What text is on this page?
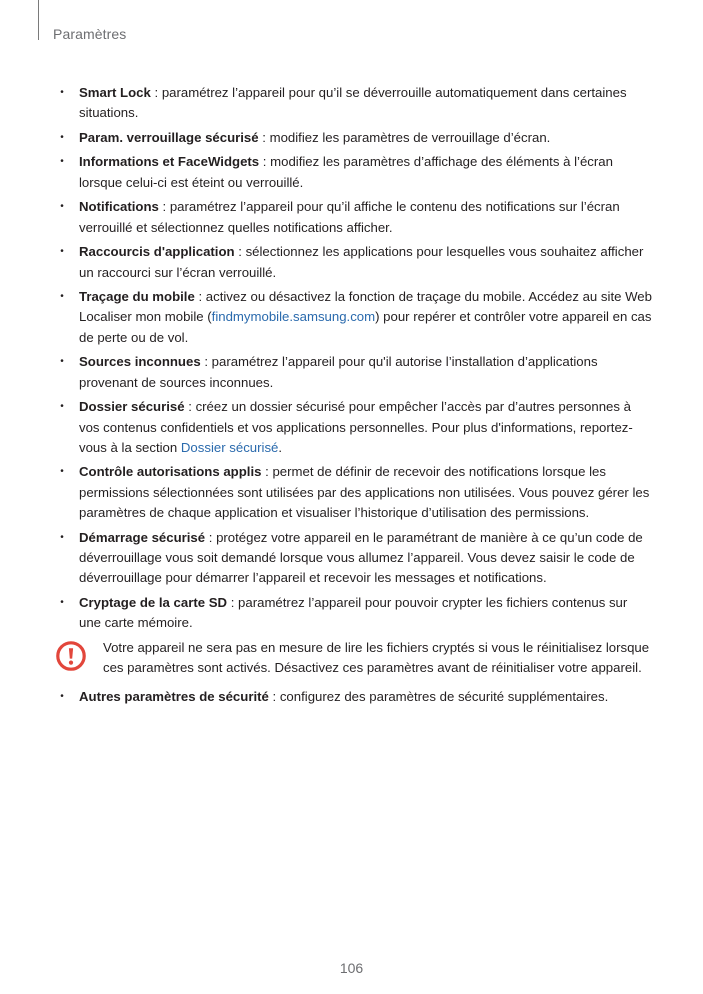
Paramètres
• Smart Lock : paramétrez l’appareil pour qu’il se déverrouille automatiquement dans certaines situations.
• Param. verrouillage sécurisé : modifiez les paramètres de verrouillage d’écran.
• Informations et FaceWidgets : modifiez les paramètres d’affichage des éléments à l’écran lorsque celui-ci est éteint ou verrouillé.
• Notifications : paramétrez l’appareil pour qu’il affiche le contenu des notifications sur l’écran verrouillé et sélectionnez quelles notifications afficher.
• Raccourcis d'application : sélectionnez les applications pour lesquelles vous souhaitez afficher un raccourci sur l’écran verrouillé.
• Traçage du mobile : activez ou désactivez la fonction de traçage du mobile. Accédez au site Web Localiser mon mobile (findmymobile.samsung.com) pour repérer et contrôler votre appareil en cas de perte ou de vol.
• Sources inconnues : paramétrez l’appareil pour qu'il autorise l’installation d’applications provenant de sources inconnues.
• Dossier sécurisé : créez un dossier sécurisé pour empêcher l’accès par d’autres personnes à vos contenus confidentiels et vos applications personnelles. Pour plus d'informations, reportez-vous à la section Dossier sécurisé.
• Contrôle autorisations applis : permet de définir de recevoir des notifications lorsque les permissions sélectionnées sont utilisées par des applications non utilisées. Vous pouvez gérer les paramètres de chaque application et visualiser l’historique d’utilisation des permissions.
• Démarrage sécurisé : protégez votre appareil en le paramétrant de manière à ce qu’un code de déverrouillage vous soit demandé lorsque vous allumez l’appareil. Vous devez saisir le code de déverrouillage pour démarrer l’appareil et recevoir les messages et notifications.
• Cryptage de la carte SD : paramétrez l’appareil pour pouvoir crypter les fichiers contenus sur une carte mémoire.
Votre appareil ne sera pas en mesure de lire les fichiers cryptés si vous le réinitialisez lorsque ces paramètres sont activés. Désactivez ces paramètres avant de réinitialiser votre appareil.
• Autres paramètres de sécurité : configurez des paramètres de sécurité supplémentaires.
106
